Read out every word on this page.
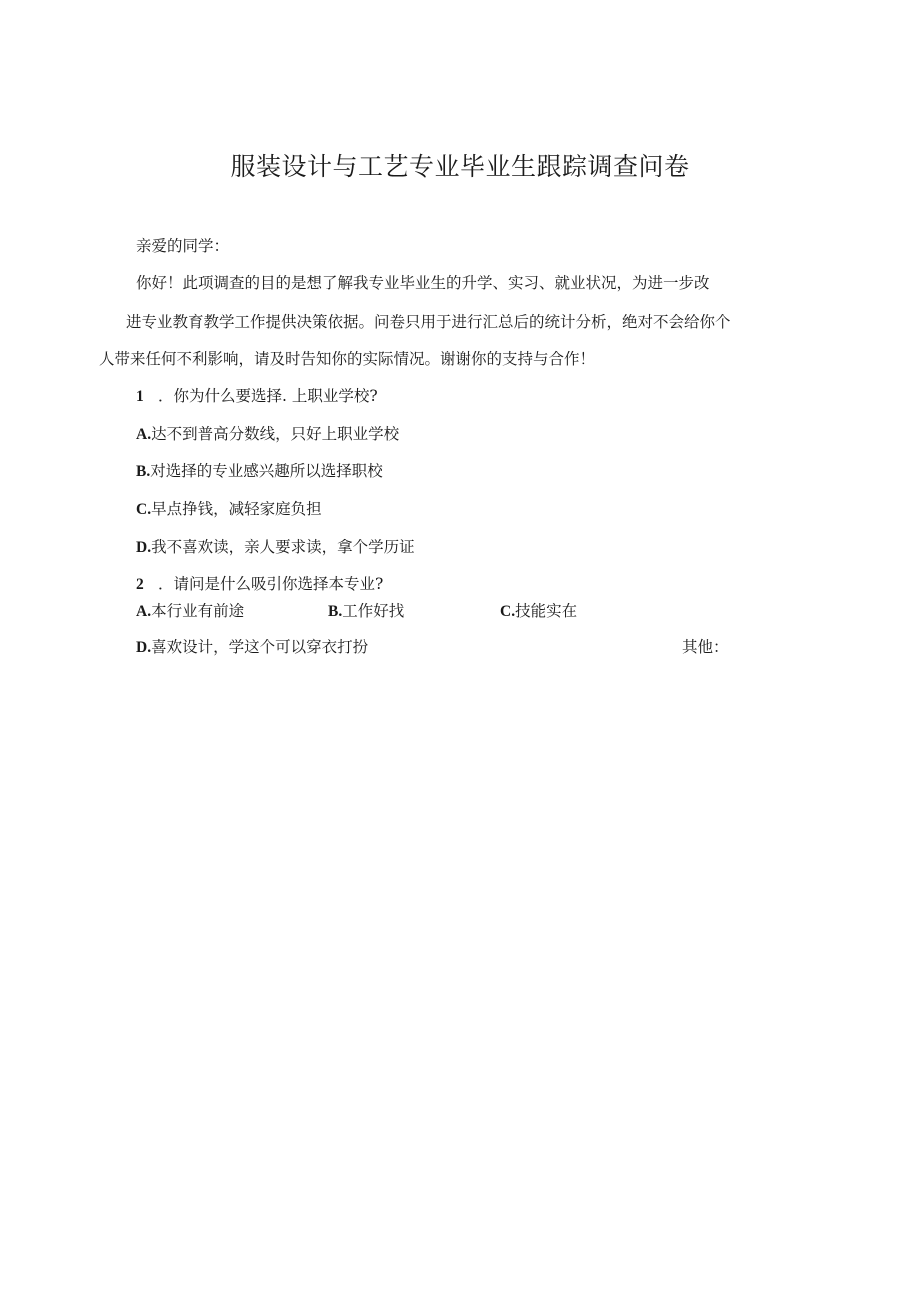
服装设计与工艺专业毕业生跟踪调查问卷
亲爱的同学：
你好！此项调查的目的是想了解我专业毕业生的升学、实习、就业状况，为进一步改
进专业教育教学工作提供决策依据。问卷只用于进行汇总后的统计分析，绝对不会给你个
人带来任何不利影响，请及时告知你的实际情况。谢谢你的支持与合作！
1 ．你为什么要选择. 上职业学校?
A.达不到普高分数线，只好上职业学校
B.对选择的专业感兴趣所以选择职校
C.早点挣钱，减轻家庭负担
D.我不喜欢读，亲人要求读，拿个学历证
2 ．请问是什么吸引你选择本专业?
A.本行业有前途	B.工作好找	C.技能实在
D.喜欢设计，学这个可以穿衣打扮	其他：
